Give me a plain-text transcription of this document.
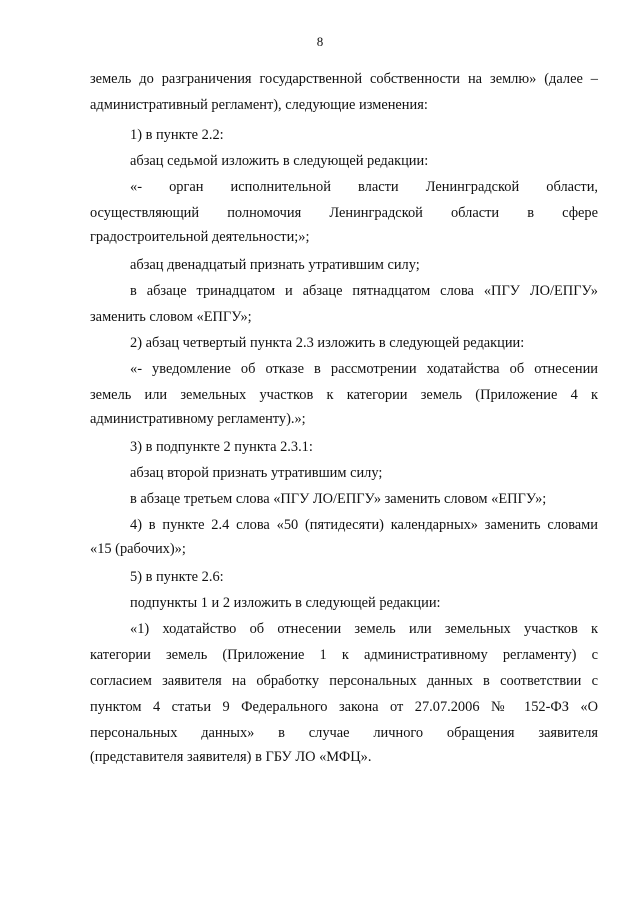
8
земель до разграничения государственной собственности на землю» (далее –
административный регламент), следующие изменения:
1) в пункте 2.2:
абзац седьмой изложить в следующей редакции:
«- орган исполнительной власти Ленинградской области,
осуществляющий полномочия Ленинградской области в сфере
градостроительной деятельности;»;
абзац двенадцатый признать утратившим силу;
в абзаце тринадцатом и абзаце пятнадцатом слова «ПГУ ЛО/ЕПГУ»
заменить словом «ЕПГУ»;
2) абзац четвертый пункта 2.3 изложить в следующей редакции:
«- уведомление об отказе в рассмотрении ходатайства об отнесении
земель или земельных участков к категории земель (Приложение 4 к
административному регламенту).»;
3) в подпункте 2 пункта 2.3.1:
абзац второй признать утратившим силу;
в абзаце третьем слова «ПГУ ЛО/ЕПГУ» заменить словом «ЕПГУ»;
4) в пункте 2.4 слова «50 (пятидесяти) календарных» заменить словами
«15 (рабочих)»;
5) в пункте 2.6:
подпункты 1 и 2 изложить в следующей редакции:
«1) ходатайство об отнесении земель или земельных участков к
категории земель (Приложение 1 к административному регламенту) с
согласием заявителя на обработку персональных данных в соответствии с
пунктом 4 статьи 9 Федерального закона от 27.07.2006 № 152-ФЗ «О
персональных данных» в случае личного обращения заявителя
(представителя заявителя) в ГБУ ЛО «МФЦ».
